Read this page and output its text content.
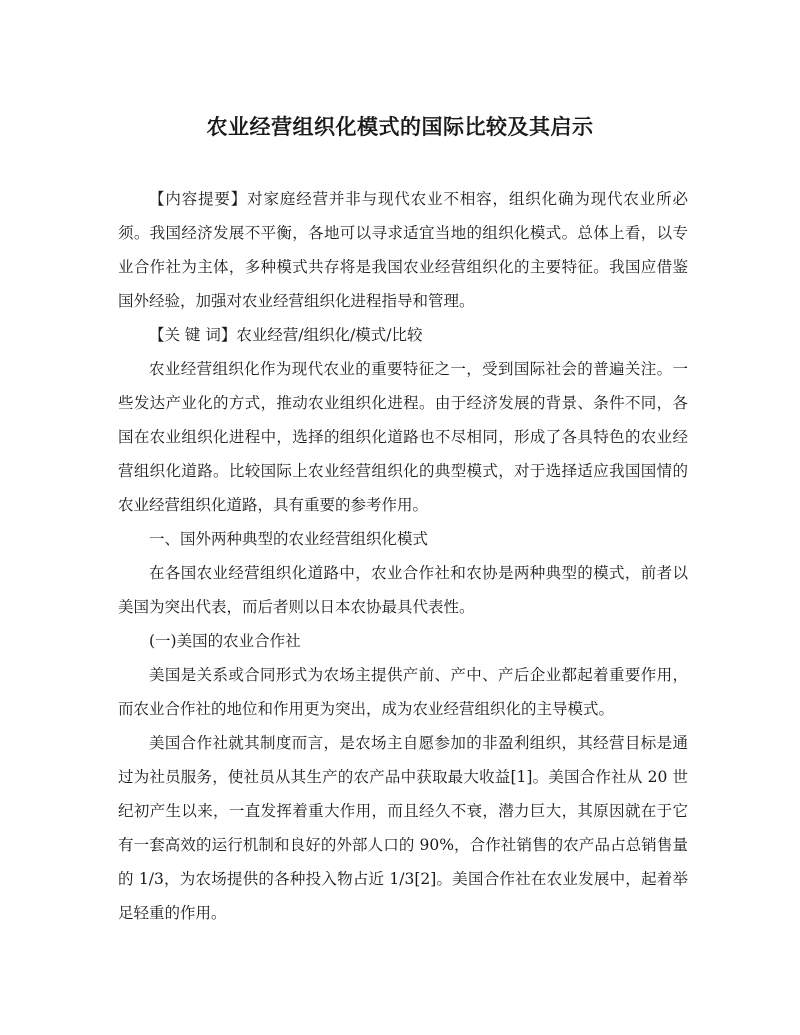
农业经营组织化模式的国际比较及其启示

【内容提要】对家庭经营并非与现代农业不相容，组织化确为现代农业所必须。我国经济发展不平衡，各地可以寻求适宜当地的组织化模式。总体上看，以专业合作社为主体，多种模式共存将是我国农业经营组织化的主要特征。我国应借鉴国外经验，加强对农业经营组织化进程指导和管理。

【关 键 词】农业经营/组织化/模式/比较

农业经营组织化作为现代农业的重要特征之一，受到国际社会的普遍关注。一些发达产业化的方式，推动农业组织化进程。由于经济发展的背景、条件不同，各国在农业组织化进程中，选择的组织化道路也不尽相同，形成了各具特色的农业经营组织化道路。比较国际上农业经营组织化的典型模式，对于选择适应我国国情的农业经营组织化道路，具有重要的参考作用。

一、国外两种典型的农业经营组织化模式

在各国农业经营组织化道路中，农业合作社和农协是两种典型的模式，前者以美国为突出代表，而后者则以日本农协最具代表性。

(一)美国的农业合作社

美国是关系或合同形式为农场主提供产前、产中、产后企业都起着重要作用，而农业合作社的地位和作用更为突出，成为农业经营组织化的主导模式。

美国合作社就其制度而言，是农场主自愿参加的非盈利组织，其经营目标是通过为社员服务，使社员从其生产的农产品中获取最大收益[1]。美国合作社从 20 世纪初产生以来，一直发挥着重大作用，而且经久不衰，潜力巨大，其原因就在于它有一套高效的运行机制和良好的外部人口的 90%，合作社销售的农产品占总销售量的 1/3，为农场提供的各种投入物占近 1/3[2]。美国合作社在农业发展中，起着举足轻重的作用。
